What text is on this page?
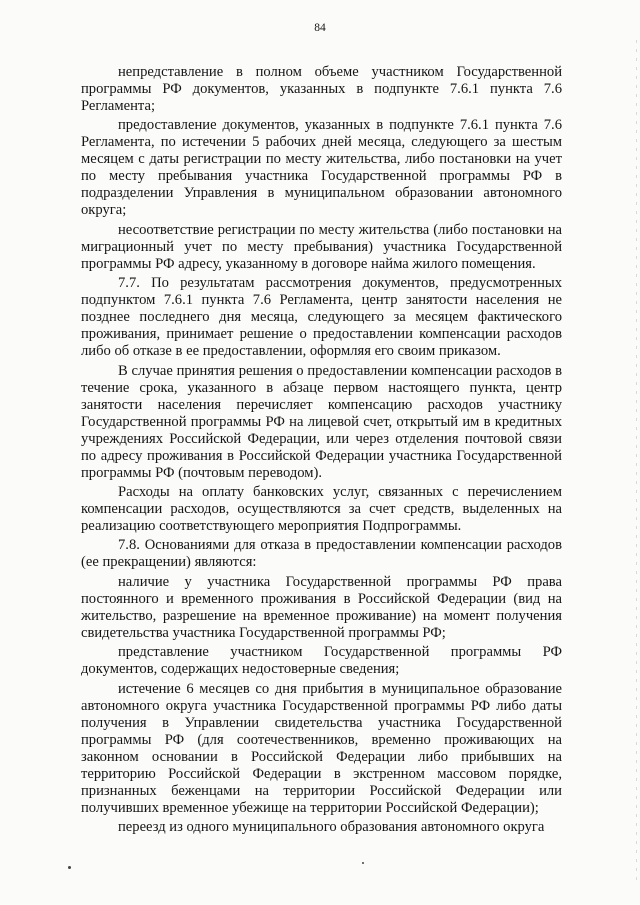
84

непредставление в полном объеме участником Государственной программы РФ документов, указанных в подпункте 7.6.1 пункта 7.6 Регламента;

предоставление документов, указанных в подпункте 7.6.1 пункта 7.6 Регламента, по истечении 5 рабочих дней месяца, следующего за шестым месяцем с даты регистрации по месту жительства, либо постановки на учет по месту пребывания участника Государственной программы РФ в подразделении Управления в муниципальном образовании автономного округа;

несоответствие регистрации по месту жительства (либо постановки на миграционный учет по месту пребывания) участника Государственной программы РФ адресу, указанному в договоре найма жилого помещения.

7.7. По результатам рассмотрения документов, предусмотренных подпунктом 7.6.1 пункта 7.6 Регламента, центр занятости населения не позднее последнего дня месяца, следующего за месяцем фактического проживания, принимает решение о предоставлении компенсации расходов либо об отказе в ее предоставлении, оформляя его своим приказом.

В случае принятия решения о предоставлении компенсации расходов в течение срока, указанного в абзаце первом настоящего пункта, центр занятости населения перечисляет компенсацию расходов участнику Государственной программы РФ на лицевой счет, открытый им в кредитных учреждениях Российской Федерации, или через отделения почтовой связи по адресу проживания в Российской Федерации участника Государственной программы РФ (почтовым переводом).

Расходы на оплату банковских услуг, связанных с перечислением компенсации расходов, осуществляются за счет средств, выделенных на реализацию соответствующего мероприятия Подпрограммы.

7.8. Основаниями для отказа в предоставлении компенсации расходов (ее прекращении) являются:

наличие у участника Государственной программы РФ права постоянного и временного проживания в Российской Федерации (вид на жительство, разрешение на временное проживание) на момент получения свидетельства участника Государственной программы РФ;

представление участником Государственной программы РФ документов, содержащих недостоверные сведения;

истечение 6 месяцев со дня прибытия в муниципальное образование автономного округа участника Государственной программы РФ либо даты получения в Управлении свидетельства участника Государственной программы РФ (для соотечественников, временно проживающих на законном основании в Российской Федерации либо прибывших на территорию Российской Федерации в экстренном массовом порядке, признанных беженцами на территории Российской Федерации или получивших временное убежище на территории Российской Федерации);

переезд из одного муниципального образования автономного округа
